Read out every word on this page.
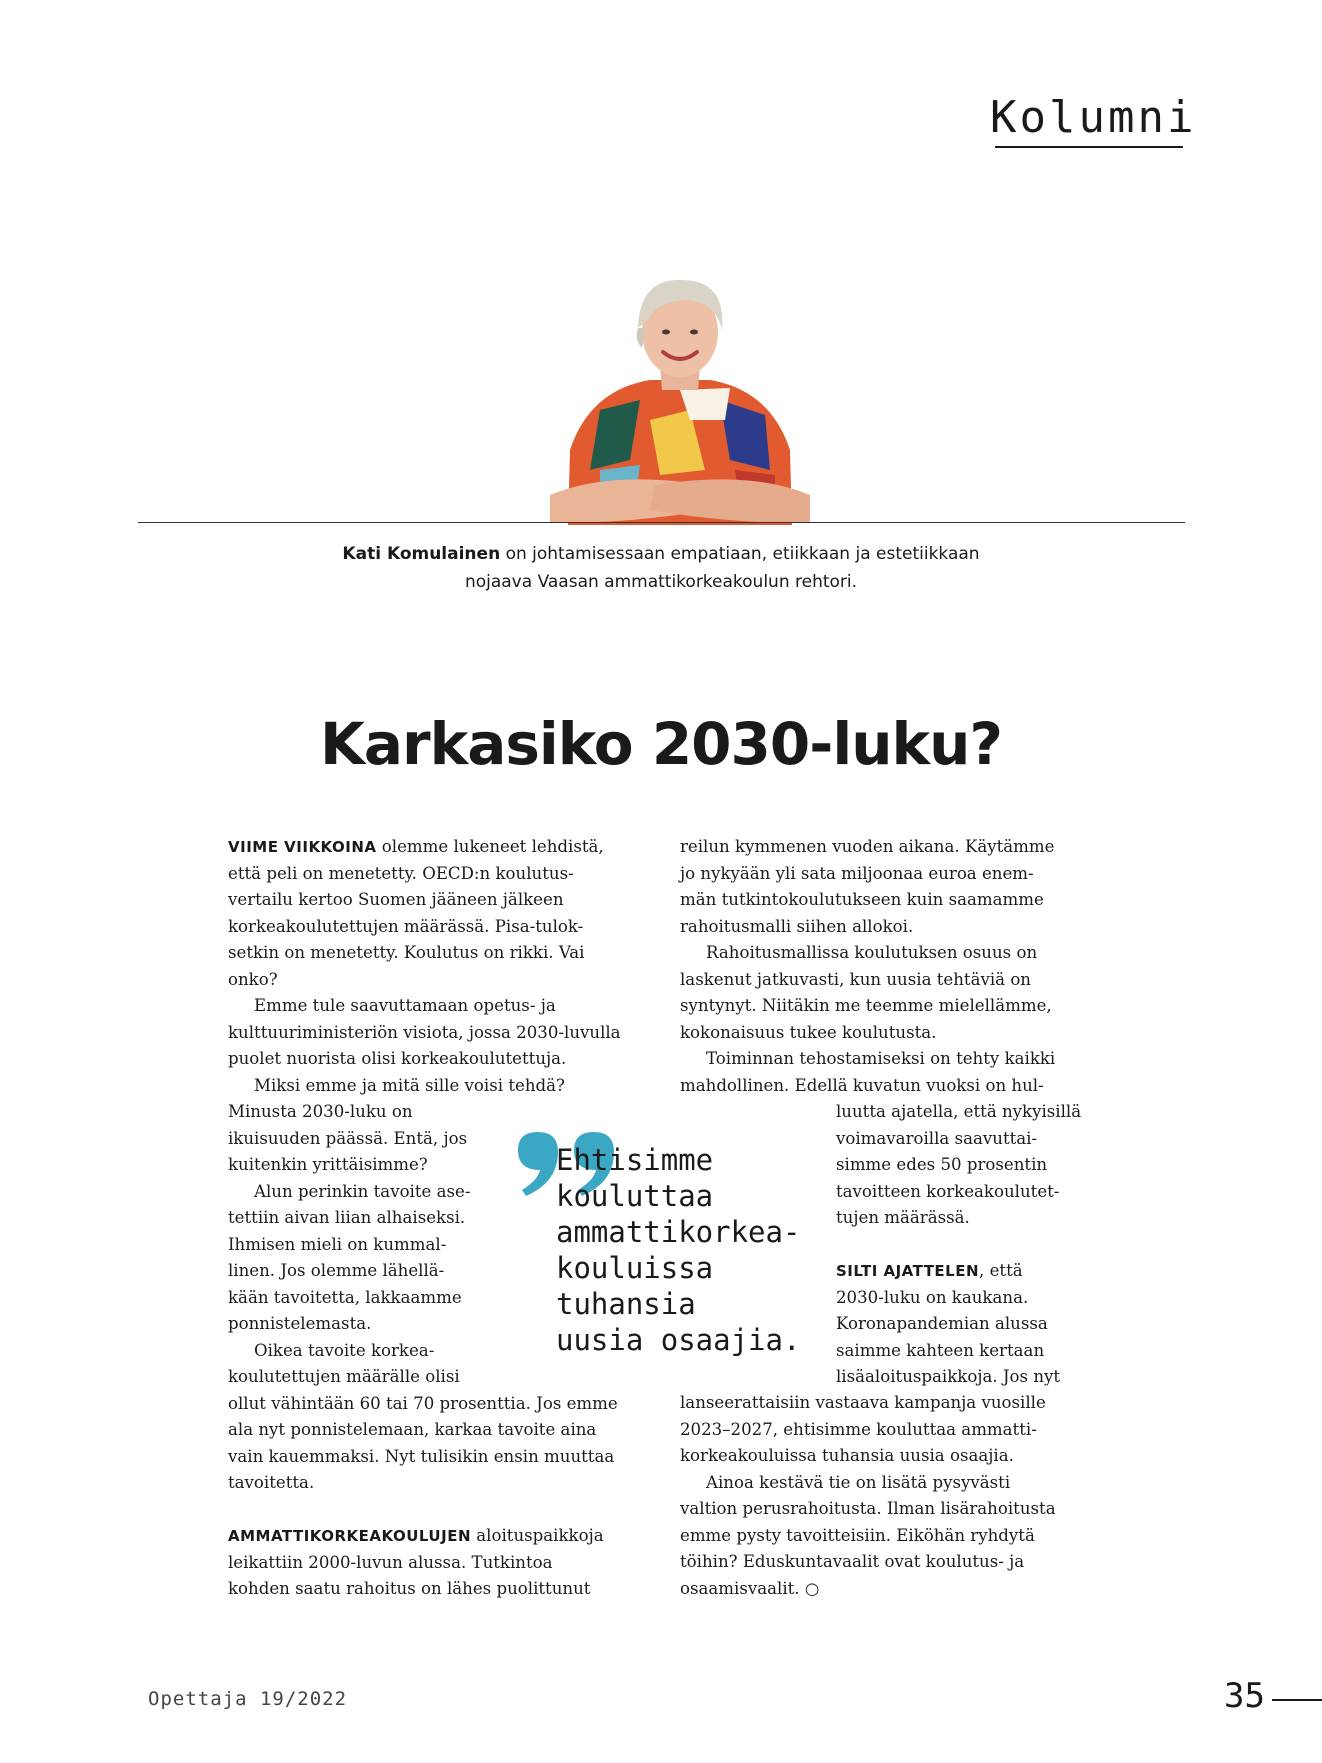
Kolumni
Kati Komulainen on johtamisessaan empatiaan, etiikkaan ja estetiikkaan
nojaava Vaasan ammattikorkeakoulun rehtori.
Karkasiko 2030-luku?
VIIME VIIKKOINA olemme lukeneet lehdistä,
että peli on menetetty. OECD:n koulutus-
vertailu kertoo Suomen jääneen jälkeen
korkeakoulutettujen määrässä. Pisa-tulok-
setkin on menetetty. Koulutus on rikki. Vai
onko?
Emme tule saavuttamaan opetus- ja
kulttuuriministeriön visiota, jossa 2030-luvulla
puolet nuorista olisi korkeakoulutettuja.
Miksi emme ja mitä sille voisi tehdä?
Minusta 2030-luku on
ikuisuuden päässä. Entä, jos
kuitenkin yrittäisimme?
Alun perinkin tavoite ase-
tettiin aivan liian alhaiseksi.
Ihmisen mieli on kummal-
linen. Jos olemme lähellä-
kään tavoitetta, lakkaamme
ponnistelemasta.
Oikea tavoite korkea-
koulutettujen määrälle olisi
ollut vähintään 60 tai 70 prosenttia. Jos emme
ala nyt ponnistelemaan, karkaa tavoite aina
vain kauemmaksi. Nyt tulisikin ensin muuttaa
tavoitetta.
AMMATTIKORKEAKOULUJEN aloituspaikkoja
leikattiin 2000-luvun alussa. Tutkintoa
kohden saatu rahoitus on lähes puolittunut
reilun kymmenen vuoden aikana. Käytämme
jo nykyään yli sata miljoonaa euroa enem-
män tutkintokoulutukseen kuin saamamme
rahoitusmalli siihen allokoi.
Rahoitusmallissa koulutuksen osuus on
laskenut jatkuvasti, kun uusia tehtäviä on
syntynyt. Niitäkin me teemme mielellämme,
kokonaisuus tukee koulutusta.
Toiminnan tehostamiseksi on tehty kaikki
mahdollinen. Edellä kuvatun vuoksi on hul-
luutta ajatella, että nykyisillä
voimavaroilla saavuttai-
simme edes 50 prosentin
tavoitteen korkeakoulutet-
tujen määrässä.
SILTI AJATTELEN, että
2030-luku on kaukana.
Koronapandemian alussa
saimme kahteen kertaan
lisäaloituspaikkoja. Jos nyt
lanseerattaisiin vastaava kampanja vuosille
2023–2027, ehtisimme kouluttaa ammatti-
korkeakouluissa tuhansia uusia osaajia.
Ainoa kestävä tie on lisätä pysyvästi
valtion perusrahoitusta. Ilman lisärahoitusta
emme pysty tavoitteisiin. Eiköhän ryhdytä
töihin? Eduskuntavaalit ovat koulutus- ja
osaamisvaalit. ○
Ehtisimme
kouluttaa
ammattikorkea-
kouluissa
tuhansia
uusia osaajia.
Opettaja 19/2022	35
